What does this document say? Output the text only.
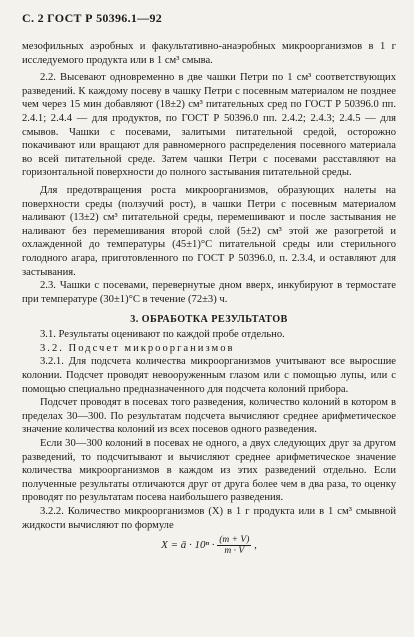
С. 2 ГОСТ Р 50396.1—92

мезофильных аэробных и факультативно-анаэробных микроорганизмов в 1 г исследуемого продукта или в 1 см³ смыва.

2.2. Высевают одновременно в две чашки Петри по 1 см³ соответствующих разведений. К каждому посеву в чашку Петри с посевным материалом не позднее чем через 15 мин добавляют (18±2) см³ питательных сред по ГОСТ Р 50396.0 пп. 2.4.1; 2.4.4 — для продуктов, по ГОСТ Р 50396.0 пп. 2.4.2; 2.4.3; 2.4.5 — для смывов. Чашки с посевами, залитыми питательной средой, осторожно покачивают или вращают для равномерного распределения посевного материала во всей питательной среде. Затем чашки Петри с посевами расставляют на горизонтальной поверхности до полного застывания питательной среды.

Для предотвращения роста микроорганизмов, образующих налеты на поверхности среды (ползучий рост), в чашки Петри с посевным материалом наливают (13±2) см³ питательной среды, перемешивают и после застывания не наливают без перемешивания второй слой (5±2) см³ этой же разогретой и охлажденной до температуры (45±1)°С питательной среды или стерильного голодного агара, приготовленного по ГОСТ Р 50396.0, п. 2.3.4, и оставляют для застывания.

2.3. Чашки с посевами, перевернутые дном вверх, инкубируют в термостате при температуре (30±1)°С в течение (72±3) ч.

3. ОБРАБОТКА РЕЗУЛЬТАТОВ

3.1. Результаты оценивают по каждой пробе отдельно.

3.2. Подсчет микроорганизмов

3.2.1. Для подсчета количества микроорганизмов учитывают все выросшие колонии. Подсчет проводят невооруженным глазом или с помощью лупы, или с помощью специально предназначенного для подсчета колоний прибора.

Подсчет проводят в посевах того разведения, количество колоний в котором в пределах 30—300. По результатам подсчета вычисляют среднее арифметическое значение количества колоний из всех посевов одного разведения.

Если 30—300 колоний в посевах не одного, а двух следующих друг за другом разведений, то подсчитывают и вычисляют среднее арифметическое значение количества микроорганизмов в каждом из этих разведений отдельно. Если полученные результаты отличаются друг от друга более чем в два раза, то оценку проводят по результатам посева наибольшего разведения.

3.2.2. Количество микроорганизмов (X) в 1 г продукта или в 1 см³ смывной жидкости вычисляют по формуле

X = ā · $10^n \cdot \frac{(m + V)}{m \cdot V}$ ,
